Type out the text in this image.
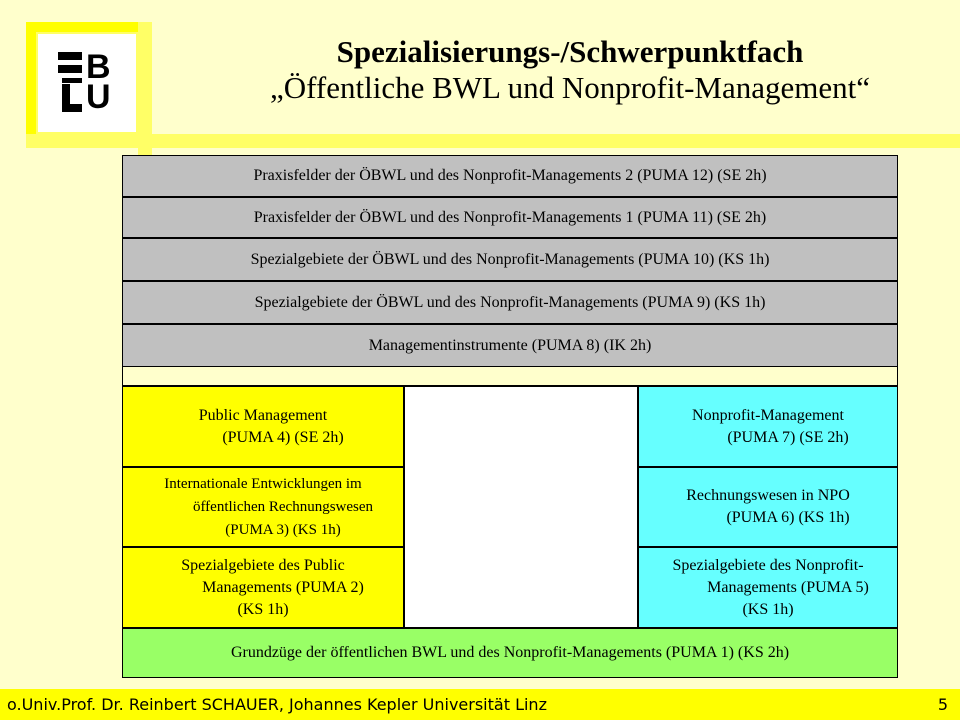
B
U
Spezialisierungs-/Schwerpunktfach
„Öffentliche BWL und Nonprofit-Management“
Praxisfelder der ÖBWL und des Nonprofit-Managements 2 (PUMA 12) (SE 2h)
Praxisfelder der ÖBWL und des Nonprofit-Managements 1 (PUMA 11) (SE 2h)
Spezialgebiete der ÖBWL und des Nonprofit-Managements (PUMA 10) (KS 1h)
Spezialgebiete der ÖBWL und des Nonprofit-Managements (PUMA 9) (KS 1h)
Managementinstrumente (PUMA 8) (IK 2h)
Public Management
(PUMA 4) (SE 2h)
Internationale Entwicklungen im
öffentlichen Rechnungswesen
(PUMA 3) (KS 1h)
Spezialgebiete des Public
Managements (PUMA 2)
(KS 1h)
Nonprofit-Management
(PUMA 7) (SE 2h)
Rechnungswesen in NPO
(PUMA 6) (KS 1h)
Spezialgebiete des Nonprofit-
Managements (PUMA 5)
(KS 1h)
Grundzüge der öffentlichen BWL und des Nonprofit-Managements (PUMA 1) (KS 2h)
o.Univ.Prof. Dr. Reinbert SCHAUER, Johannes Kepler Universität Linz	5
